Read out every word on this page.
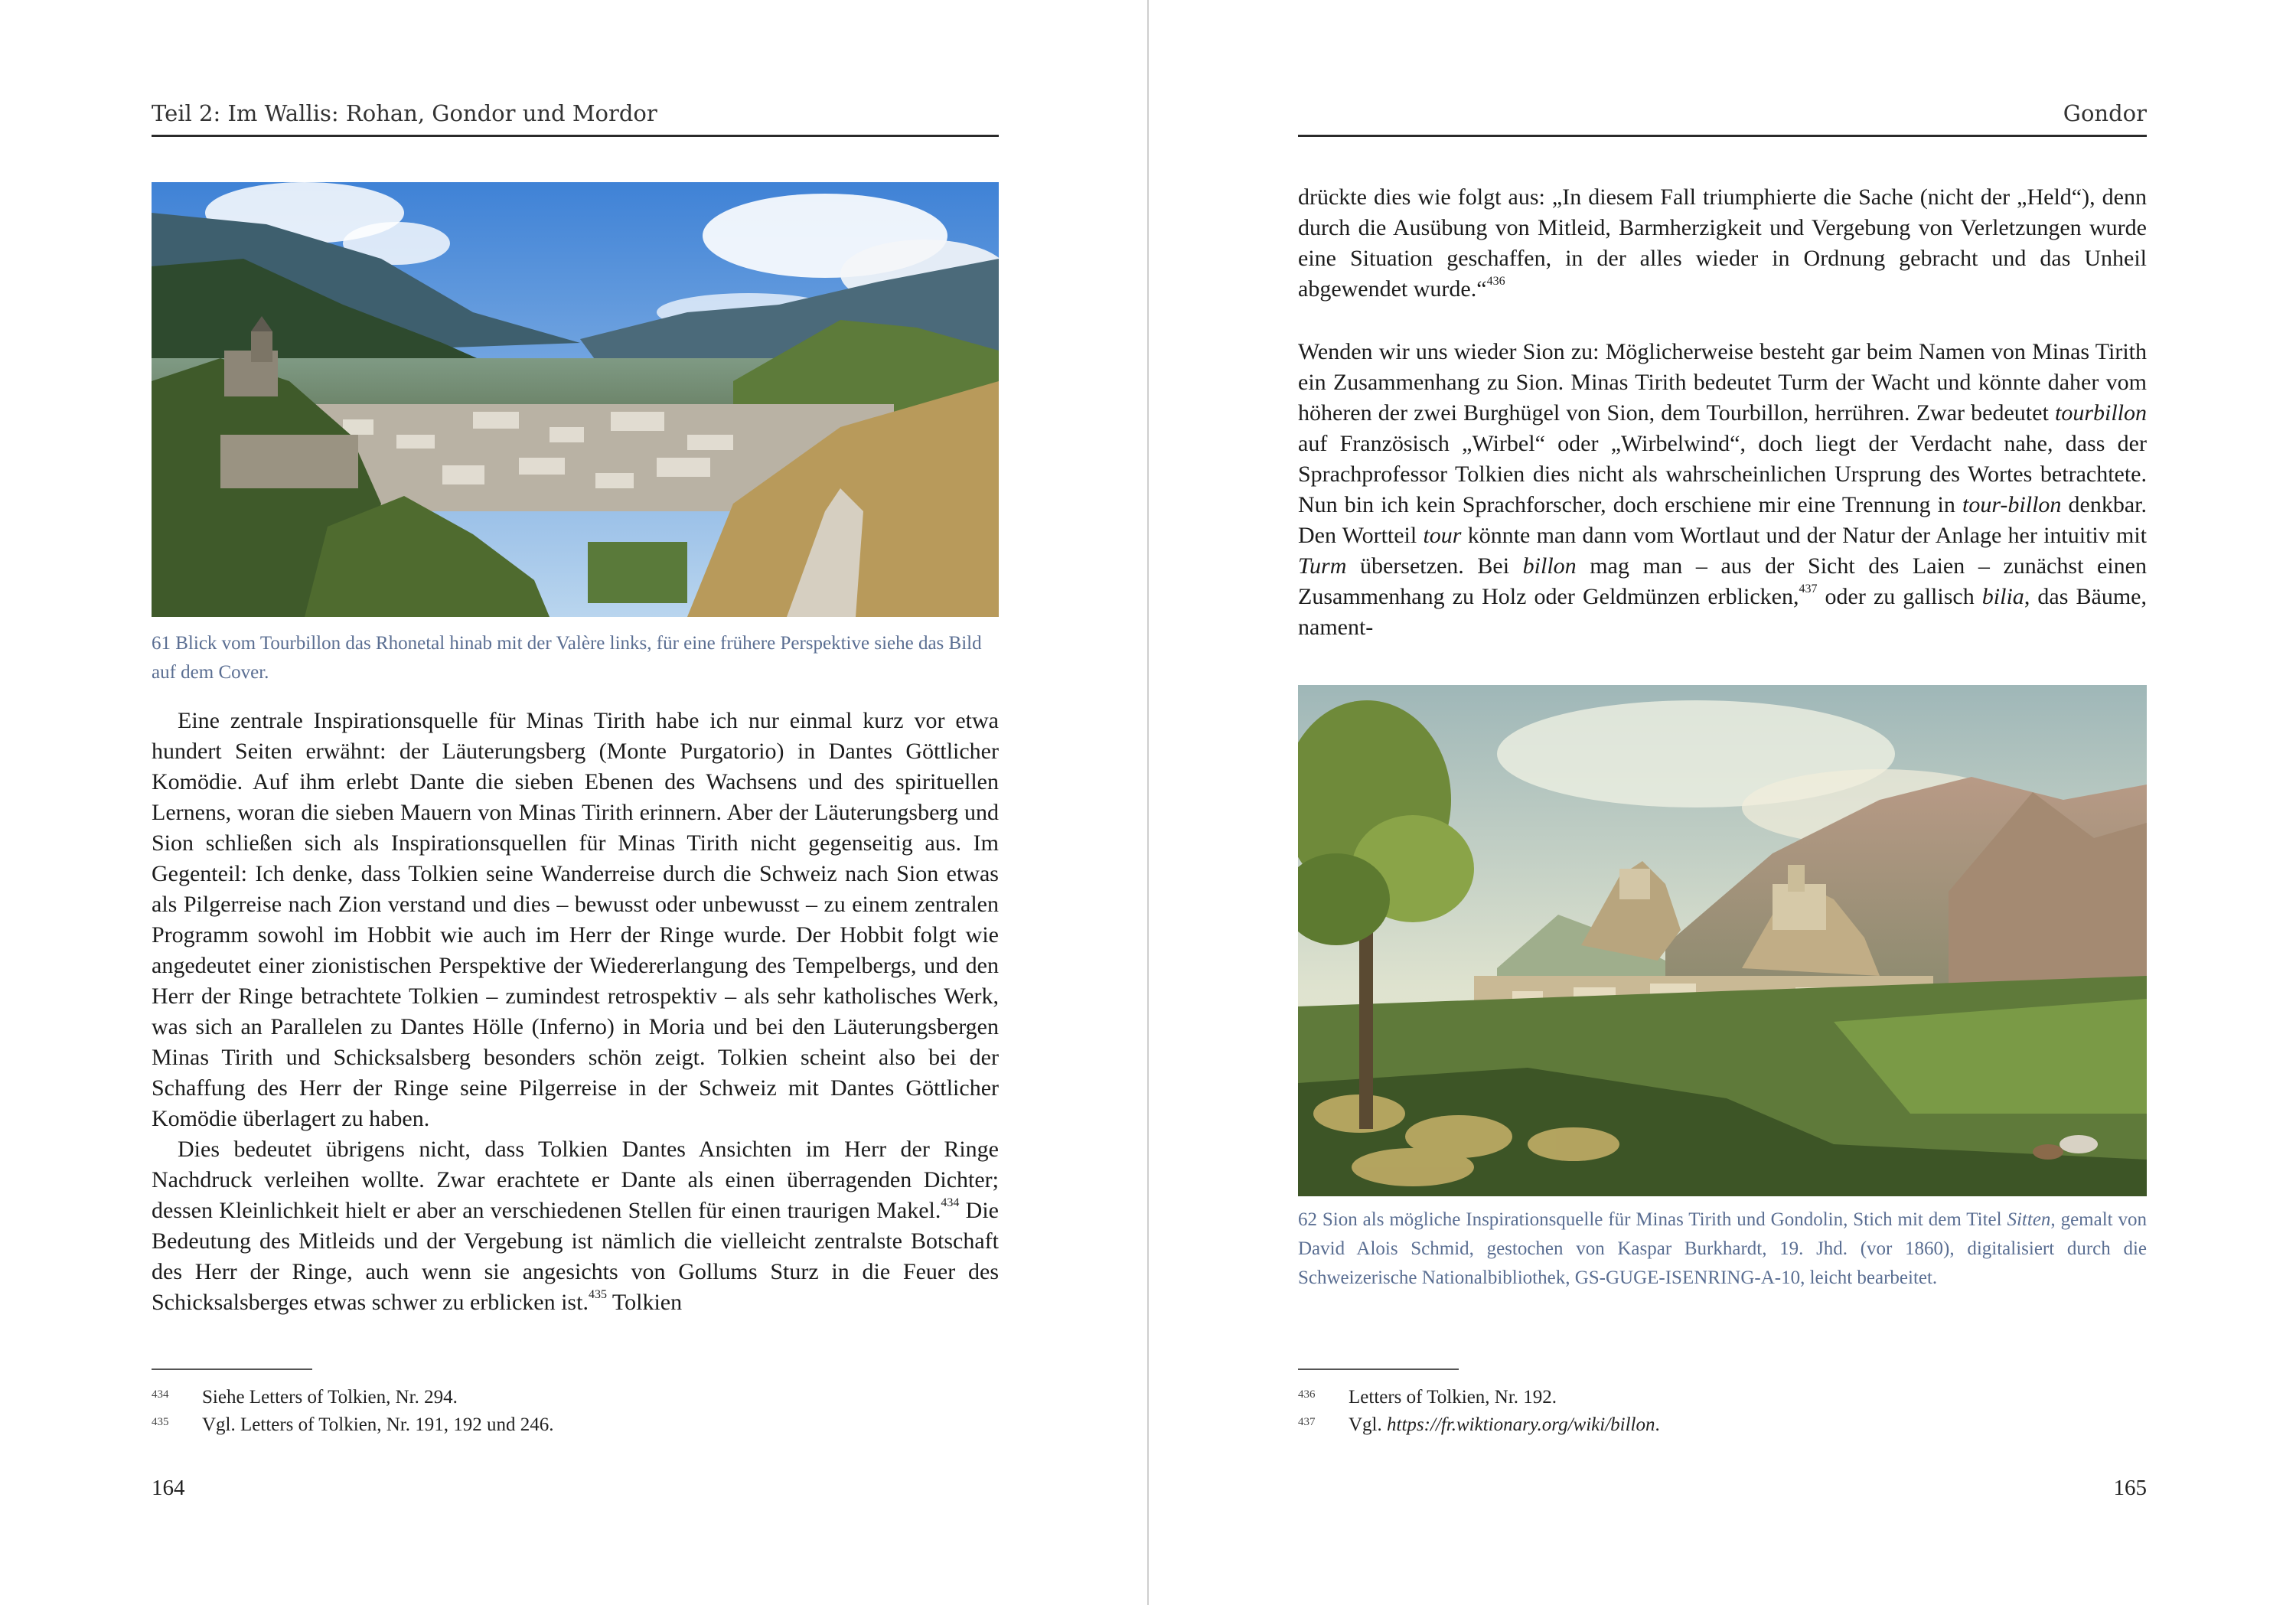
Teil 2: Im Wallis: Rohan, Gondor und Mordor

61 Blick vom Tourbillon das Rhonetal hinab mit der Valère links, für eine frühere Perspektive siehe das Bild auf dem Cover.

Eine zentrale Inspirationsquelle für Minas Tirith habe ich nur einmal kurz vor etwa hundert Seiten erwähnt: der Läuterungsberg (Monte Purgatorio) in Dantes Göttlicher Komödie. Auf ihm erlebt Dante die sieben Ebenen des Wachsens und des spirituellen Lernens, woran die sieben Mauern von Minas Tirith erinnern. Aber der Läuterungsberg und Sion schließen sich als Inspirationsquellen für Minas Tirith nicht gegenseitig aus. Im Gegenteil: Ich denke, dass Tolkien seine Wanderreise durch die Schweiz nach Sion etwas als Pilgerreise nach Zion verstand und dies – bewusst oder unbewusst – zu einem zentralen Programm sowohl im Hobbit wie auch im Herr der Ringe wurde. Der Hobbit folgt wie angedeutet einer zionistischen Perspektive der Wiedererlangung des Tempelbergs, und den Herr der Ringe betrachtete Tolkien – zumindest retrospektiv – als sehr katholisches Werk, was sich an Parallelen zu Dantes Hölle (Inferno) in Moria und bei den Läuterungsbergen Minas Tirith und Schicksalsberg besonders schön zeigt. Tolkien scheint also bei der Schaffung des Herr der Ringe seine Pilgerreise in der Schweiz mit Dantes Göttlicher Komödie überlagert zu haben.

Dies bedeutet übrigens nicht, dass Tolkien Dantes Ansichten im Herr der Ringe Nachdruck verleihen wollte. Zwar erachtete er Dante als einen überragenden Dichter; dessen Kleinlichkeit hielt er aber an verschiedenen Stellen für einen traurigen Makel.$^{434}$ Die Bedeutung des Mitleids und der Vergebung ist nämlich die vielleicht zentralste Botschaft des Herr der Ringe, auch wenn sie angesichts von Gollums Sturz in die Feuer des Schicksalsberges etwas schwer zu erblicken ist.$^{435}$ Tolkien

434 Siehe Letters of Tolkien, Nr. 294.
435 Vgl. Letters of Tolkien, Nr. 191, 192 und 246.
164
Gondor

drückte dies wie folgt aus: „In diesem Fall triumphierte die Sache (nicht der „Held“), denn durch die Ausübung von Mitleid, Barmherzigkeit und Vergebung von Verletzungen wurde eine Situation geschaffen, in der alles wieder in Ordnung gebracht und das Unheil abgewendet wurde.“$^{436}$

Wenden wir uns wieder Sion zu: Möglicherweise besteht gar beim Namen von Minas Tirith ein Zusammenhang zu Sion. Minas Tirith bedeutet Turm der Wacht und könnte daher vom höheren der zwei Burghügel von Sion, dem Tourbillon, herrühren. Zwar bedeutet tourbillon auf Französisch „Wirbel“ oder „Wirbelwind“, doch liegt der Verdacht nahe, dass der Sprachprofessor Tolkien dies nicht als wahrscheinlichen Ursprung des Wortes betrachtete. Nun bin ich kein Sprachforscher, doch erschiene mir eine Trennung in tour-billon denkbar. Den Wortteil tour könnte man dann vom Wortlaut und der Natur der Anlage her intuitiv mit Turm übersetzen. Bei billon mag man – aus der Sicht des Laien – zunächst einen Zusammenhang zu Holz oder Geldmünzen erblicken,$^{437}$ oder zu gallisch bilia, das Bäume, nament-

62 Sion als mögliche Inspirationsquelle für Minas Tirith und Gondolin, Stich mit dem Titel Sitten, gemalt von David Alois Schmid, gestochen von Kaspar Burkhardt, 19. Jhd. (vor 1860), digitalisiert durch die Schweizerische Nationalbibliothek, GS-GUGE-ISENRING-A-10, leicht bearbeitet.

436 Letters of Tolkien, Nr. 192.
437 Vgl. https://fr.wiktionary.org/wiki/billon.
165
